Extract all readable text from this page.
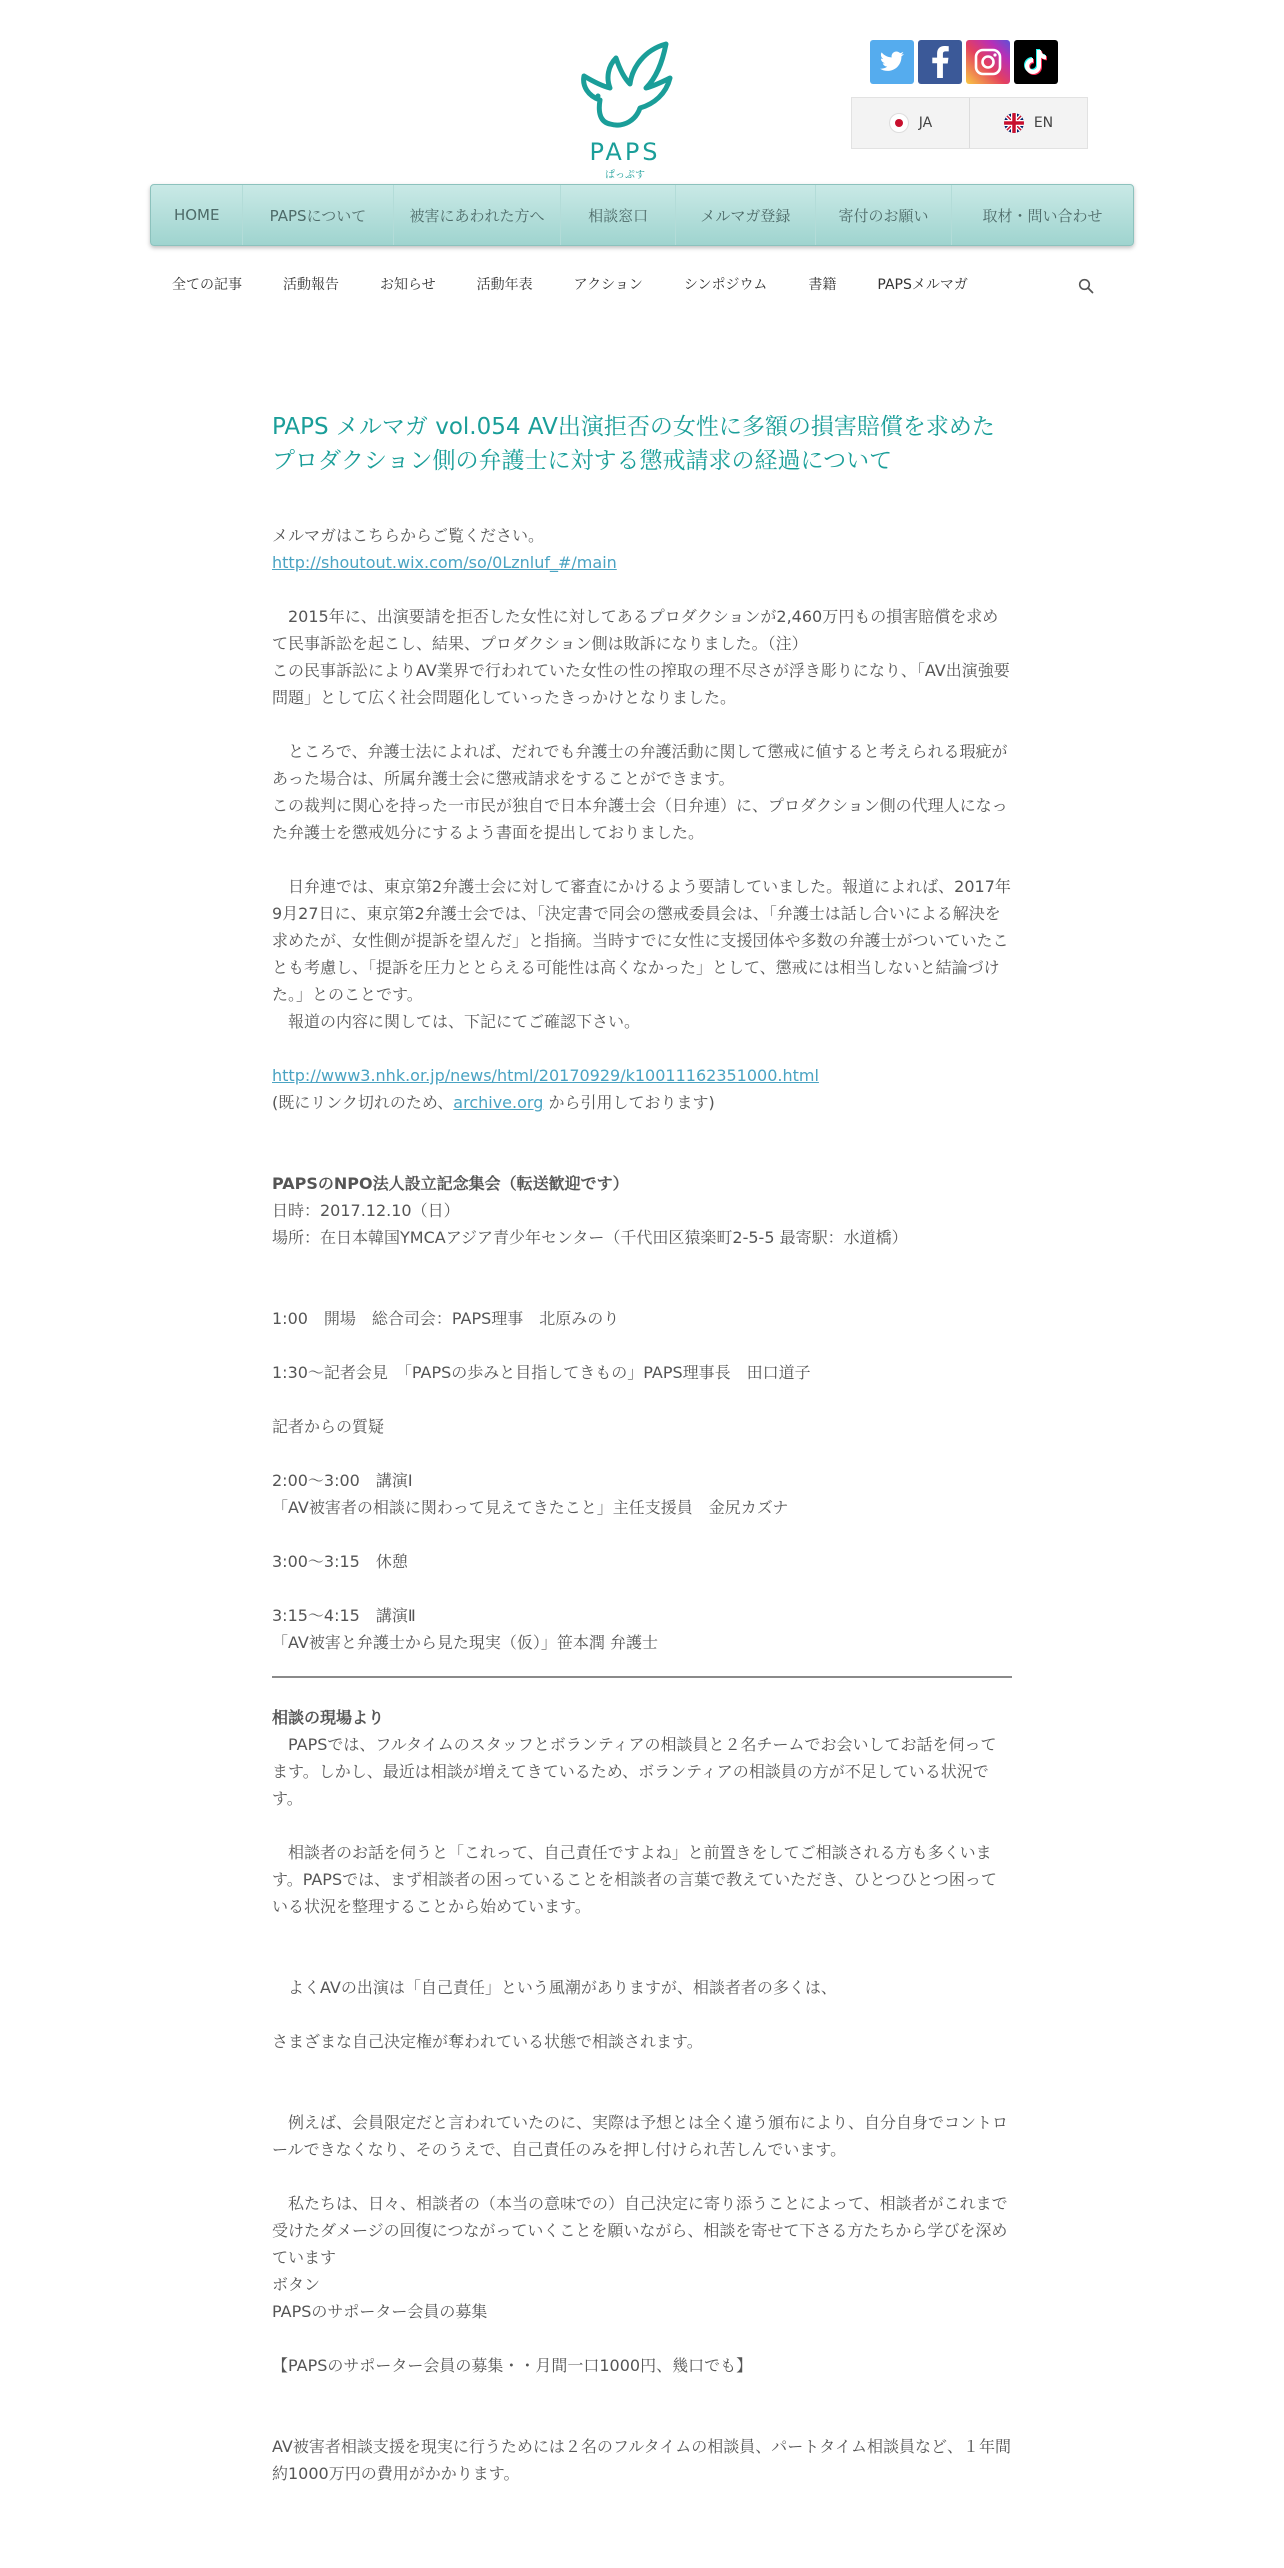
PAPS
ぱっぷす
JA	EN
HOME	PAPSについて	被害にあわれた方へ	相談窓口	メルマガ登録	寄付のお願い	取材・問い合わせ
全ての記事	活動報告	お知らせ	活動年表	アクション	シンポジウム	書籍	PAPSメルマガ
PAPS メルマガ vol.054 AV出演拒否の女性に多額の損害賠償を求めたプロダクション側の弁護士に対する懲戒請求の経過について

メルマガはこちらからご覧ください。

http://shoutout.wix.com/so/0Lznluf_#/main

　2015年に、出演要請を拒否した女性に対してあるプロダクションが2,460万円もの損害賠償を求めて民事訴訟を起こし、結果、プロダクション側は敗訴になりました。（注）

この民事訴訟によりAV業界で行われていた女性の性の搾取の理不尽さが浮き彫りになり、「AV出演強要問題」として広く社会問題化していったきっかけとなりました。

　ところで、弁護士法によれば、だれでも弁護士の弁護活動に関して懲戒に値すると考えられる瑕疵があった場合は、所属弁護士会に懲戒請求をすることができます。

この裁判に関心を持った一市民が独自で日本弁護士会（日弁連）に、プロダクション側の代理人になった弁護士を懲戒処分にするよう書面を提出しておりました。

　日弁連では、東京第2弁護士会に対して審査にかけるよう要請していました。報道によれば、2017年9月27日に、東京第2弁護士会では、「決定書で同会の懲戒委員会は、「弁護士は話し合いによる解決を求めたが、女性側が提訴を望んだ」と指摘。当時すでに女性に支援団体や多数の弁護士がついていたことも考慮し、「提訴を圧力ととらえる可能性は高くなかった」として、懲戒には相当しないと結論づけた。」とのことです。

　報道の内容に関しては、下記にてご確認下さい。

http://www3.nhk.or.jp/news/html/20170929/k10011162351000.html

(既にリンク切れのため、archive.org から引用しております)

PAPSのNPO法人設立記念集会（転送歓迎です）

日時：2017.12.10（日）

場所：在日本韓国YMCAアジア青少年センター（千代田区猿楽町2-5-5 最寄駅：水道橋）

1:00　開場　総合司会：PAPS理事　北原みのり

1:30～記者会見　「PAPSの歩みと目指してきもの」PAPS理事長　田口道子

記者からの質疑

2:00～3:00　講演Ⅰ

「AV被害者の相談に関わって見えてきたこと」主任支援員　金尻カズナ

3:00～3:15　休憩

3:15～4:15　講演Ⅱ

「AV被害と弁護士から見た現実（仮）」笹本潤 弁護士

相談の現場より

　PAPSでは、フルタイムのスタッフとボランティアの相談員と２名チームでお会いしてお話を伺ってます。しかし、最近は相談が増えてきているため、ボランティアの相談員の方が不足している状況です。

　相談者のお話を伺うと「これって、自己責任ですよね」と前置きをしてご相談される方も多くいます。PAPSでは、まず相談者の困っていることを相談者の言葉で教えていただき、ひとつひとつ困っている状況を整理することから始めています。

　よくAVの出演は「自己責任」という風潮がありますが、相談者者の多くは、

さまざまな自己決定権が奪われている状態で相談されます。

　例えば、会員限定だと言われていたのに、実際は予想とは全く違う頒布により、自分自身でコントロールできなくなり、そのうえで、自己責任のみを押し付けられ苦しんでいます。

　私たちは、日々、相談者の（本当の意味での）自己決定に寄り添うことによって、相談者がこれまで受けたダメージの回復につながっていくことを願いながら、相談を寄せて下さる方たちから学びを深めています

ボタン

PAPSのサポーター会員の募集

【PAPSのサポーター会員の募集・・月間一口1000円、幾口でも】

AV被害者相談支援を現実に行うためには２名のフルタイムの相談員、パートタイム相談員など、１年間約1000万円の費用がかかります。
